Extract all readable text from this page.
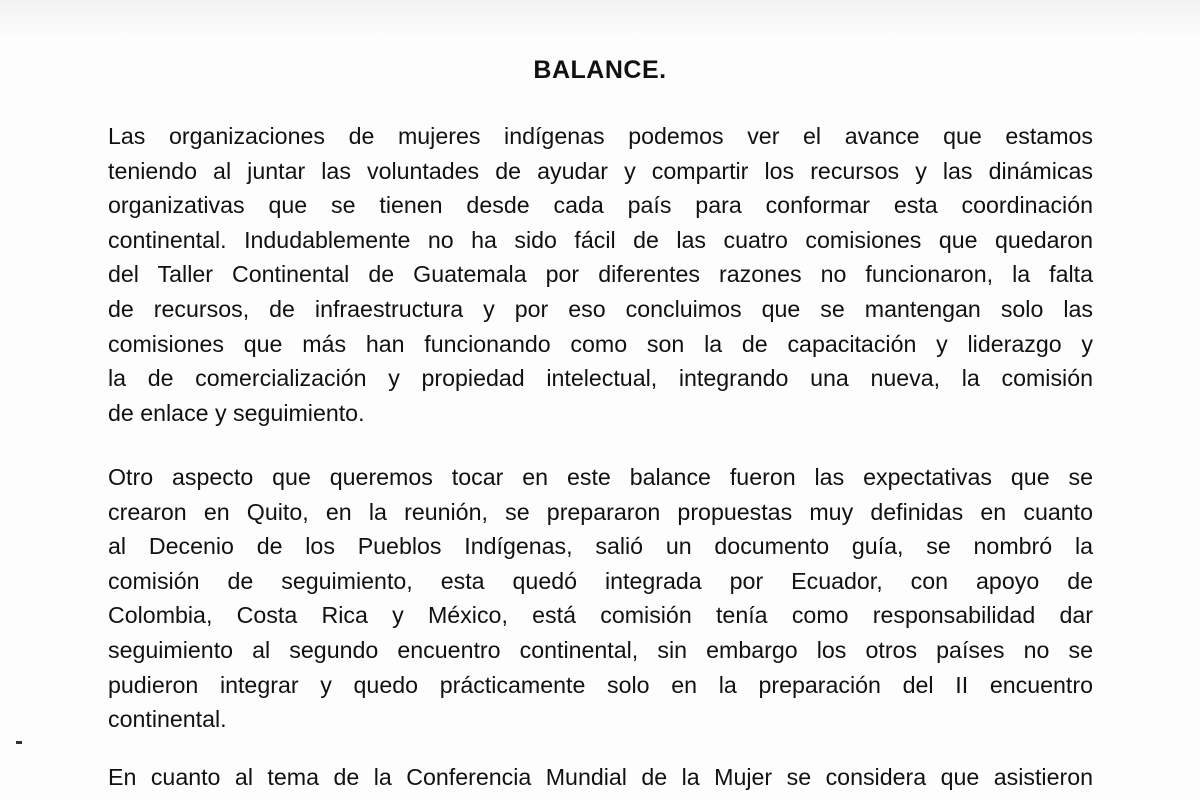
BALANCE.

Las organizaciones de mujeres indígenas podemos ver el avance que estamos
teniendo al juntar las voluntades de ayudar y compartir los recursos y las dinámicas
organizativas que se tienen desde cada país para conformar esta coordinación
continental. Indudablemente no ha sido fácil de las cuatro comisiones que quedaron
del Taller Continental de Guatemala por diferentes razones no funcionaron, la falta
de recursos, de infraestructura y por eso concluimos que se mantengan solo las
comisiones que más han funcionando como son la de capacitación y liderazgo y
la de comercialización y propiedad intelectual, integrando una nueva, la comisión
de enlace y seguimiento.

Otro aspecto que queremos tocar en este balance fueron las expectativas que se
crearon en Quito, en la reunión, se prepararon propuestas muy definidas en cuanto
al Decenio de los Pueblos Indígenas, salió un documento guía, se nombró la
comisión de seguimiento, esta quedó integrada por Ecuador, con apoyo de
Colombia, Costa Rica y México, está comisión tenía como responsabilidad dar
seguimiento al segundo encuentro continental, sin embargo los otros países no se
pudieron integrar y quedo prácticamente solo en la preparación del II encuentro
continental.

En cuanto al tema de la Conferencia Mundial de la Mujer se considera que asistieron
